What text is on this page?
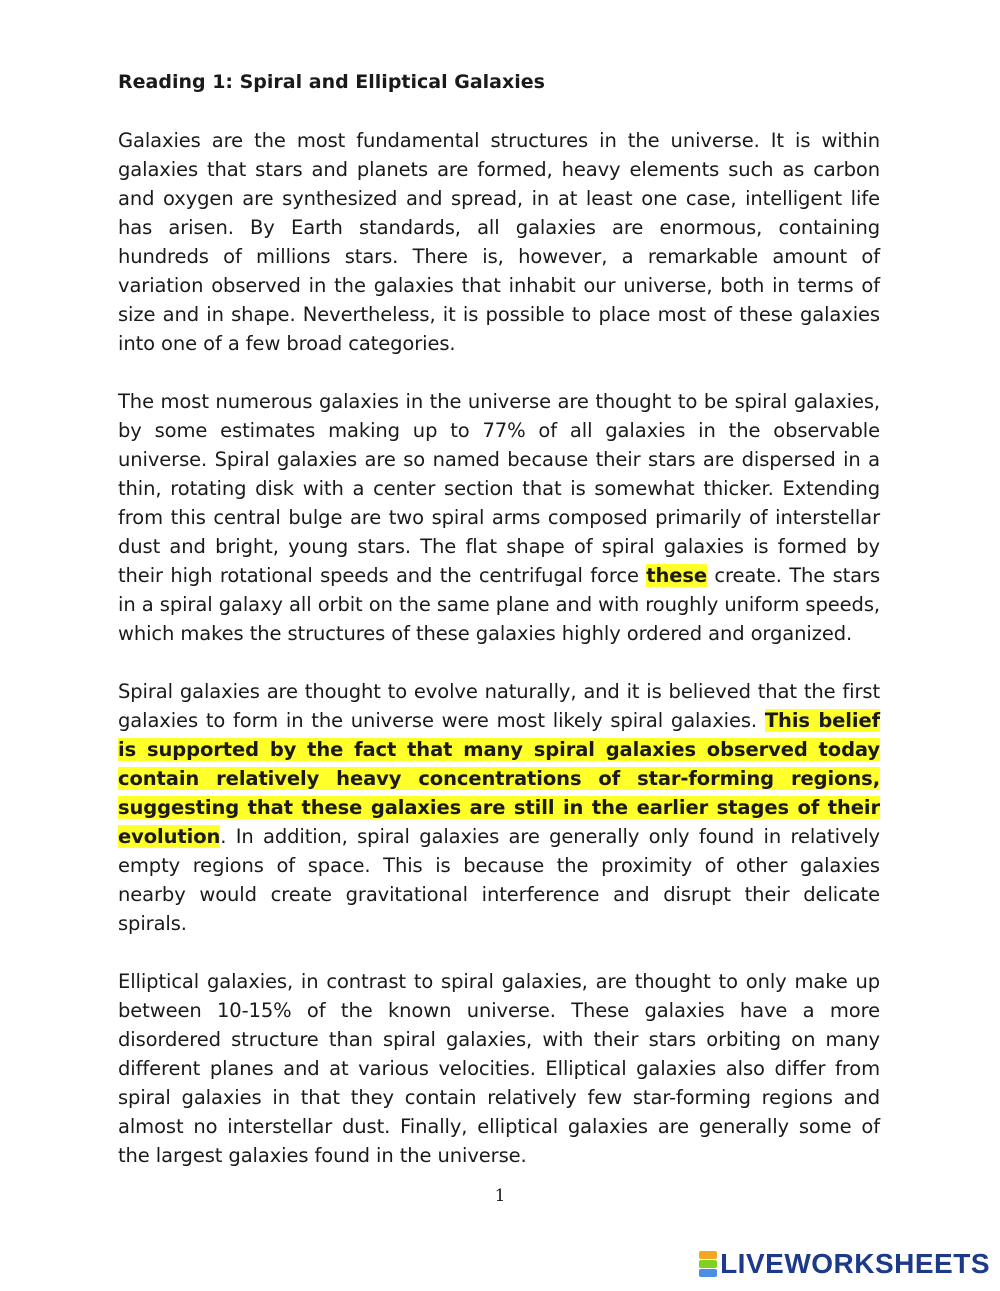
Reading 1: Spiral and Elliptical Galaxies

Galaxies are the most fundamental structures in the universe. It is within galaxies that stars and planets are formed, heavy elements such as carbon and oxygen are synthesized and spread, in at least one case, intelligent life has arisen. By Earth standards, all galaxies are enormous, containing hundreds of millions stars. There is, however, a remarkable amount of variation observed in the galaxies that inhabit our universe, both in terms of size and in shape. Nevertheless, it is possible to place most of these galaxies into one of a few broad categories.

The most numerous galaxies in the universe are thought to be spiral galaxies, by some estimates making up to 77% of all galaxies in the observable universe. Spiral galaxies are so named because their stars are dispersed in a thin, rotating disk with a center section that is somewhat thicker. Extending from this central bulge are two spiral arms composed primarily of interstellar dust and bright, young stars. The flat shape of spiral galaxies is formed by their high rotational speeds and the centrifugal force these create. The stars in a spiral galaxy all orbit on the same plane and with roughly uniform speeds, which makes the structures of these galaxies highly ordered and organized.

Spiral galaxies are thought to evolve naturally, and it is believed that the first galaxies to form in the universe were most likely spiral galaxies. This belief is supported by the fact that many spiral galaxies observed today contain relatively heavy concentrations of star-forming regions, suggesting that these galaxies are still in the earlier stages of their evolution. In addition, spiral galaxies are generally only found in relatively empty regions of space. This is because the proximity of other galaxies nearby would create gravitational interference and disrupt their delicate spirals.

Elliptical galaxies, in contrast to spiral galaxies, are thought to only make up between 10-15% of the known universe. These galaxies have a more disordered structure than spiral galaxies, with their stars orbiting on many different planes and at various velocities. Elliptical galaxies also differ from spiral galaxies in that they contain relatively few star-forming regions and almost no interstellar dust. Finally, elliptical galaxies are generally some of the largest galaxies found in the universe.

1
LIVEWORKSHEETS
